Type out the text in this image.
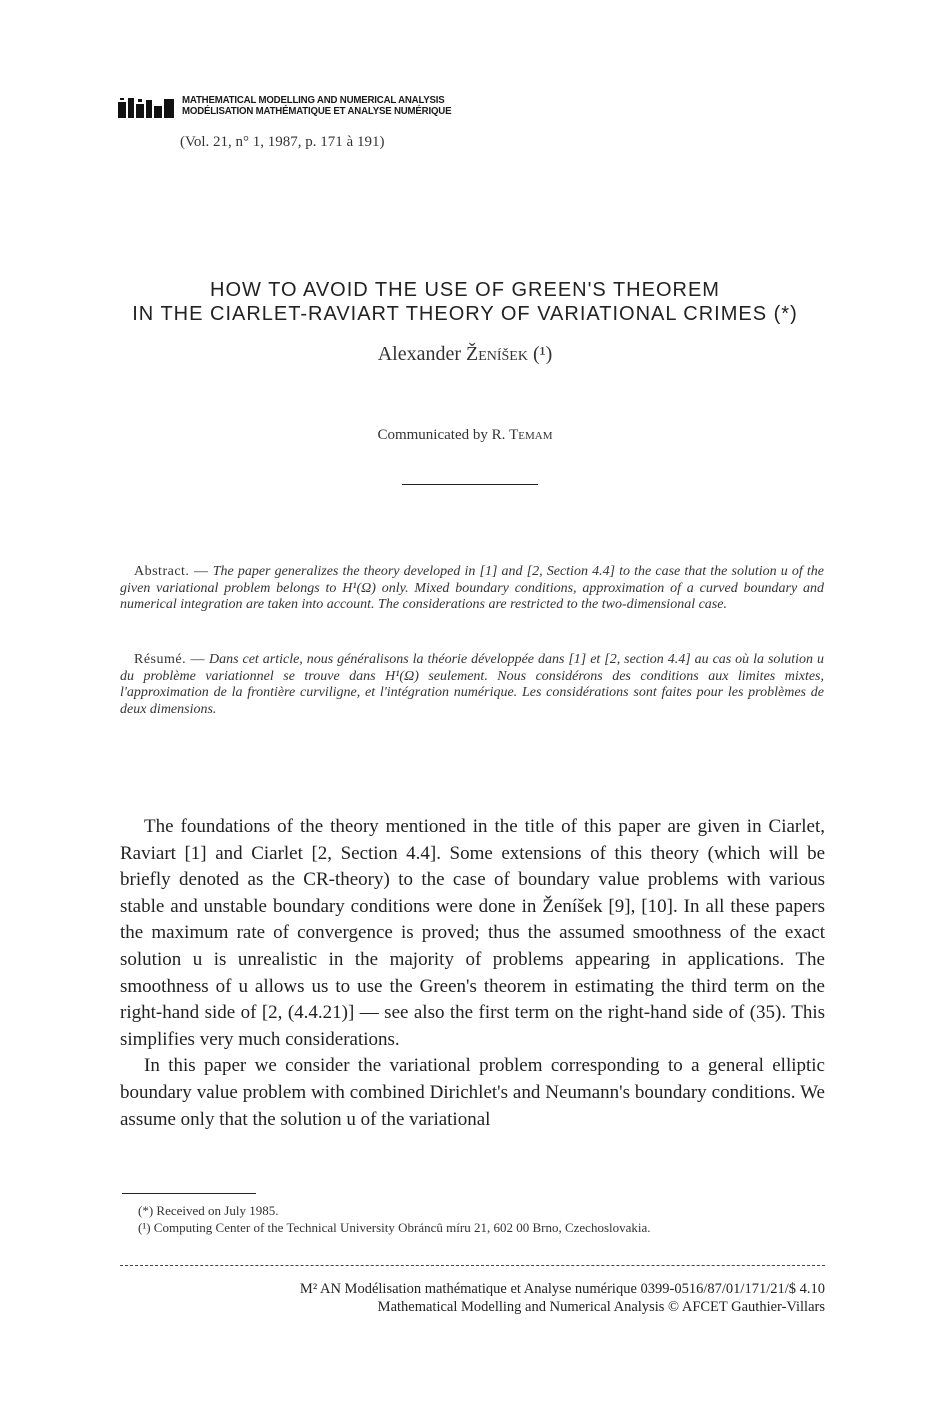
MATHEMATICAL MODELLING AND NUMERICAL ANALYSIS
MODÉLISATION MATHÉMATIQUE ET ANALYSE NUMÉRIQUE
(Vol. 21, n° 1, 1987, p. 171 à 191)
HOW TO AVOID THE USE OF GREEN'S THEOREM
IN THE CIARLET-RAVIART THEORY OF VARIATIONAL CRIMES (*)
Alexander Ženíšek (¹)
Communicated by R. Temam
Abstract. — The paper generalizes the theory developed in [1] and [2, Section 4.4] to the case that the solution u of the given variational problem belongs to H¹(Ω) only. Mixed boundary conditions, approximation of a curved boundary and numerical integration are taken into account. The considerations are restricted to the two-dimensional case.
Résumé. — Dans cet article, nous généralisons la théorie développée dans [1] et [2, section 4.4] au cas où la solution u du problème variationnel se trouve dans H¹(Ω) seulement. Nous considérons des conditions aux limites mixtes, l'approximation de la frontière curviligne, et l'intégration numérique. Les considérations sont faites pour les problèmes de deux dimensions.

The foundations of the theory mentioned in the title of this paper are given in Ciarlet, Raviart [1] and Ciarlet [2, Section 4.4]. Some extensions of this theory (which will be briefly denoted as the CR-theory) to the case of boundary value problems with various stable and unstable boundary conditions were done in Ženíšek [9], [10]. In all these papers the maximum rate of convergence is proved; thus the assumed smoothness of the exact solution u is unrealistic in the majority of problems appearing in applications. The smoothness of u allows us to use the Green's theorem in estimating the third term on the right-hand side of [2, (4.4.21)] — see also the first term on the right-hand side of (35). This simplifies very much considerations.

In this paper we consider the variational problem corresponding to a general elliptic boundary value problem with combined Dirichlet's and Neumann's boundary conditions. We assume only that the solution u of the variational

(*) Received on July 1985.
(¹) Computing Center of the Technical University Obráncû míru 21, 602 00 Brno, Czechoslovakia.
M² AN Modélisation mathématique et Analyse numérique 0399-0516/87/01/171/21/$ 4.10
Mathematical Modelling and Numerical Analysis © AFCET Gauthier-Villars
